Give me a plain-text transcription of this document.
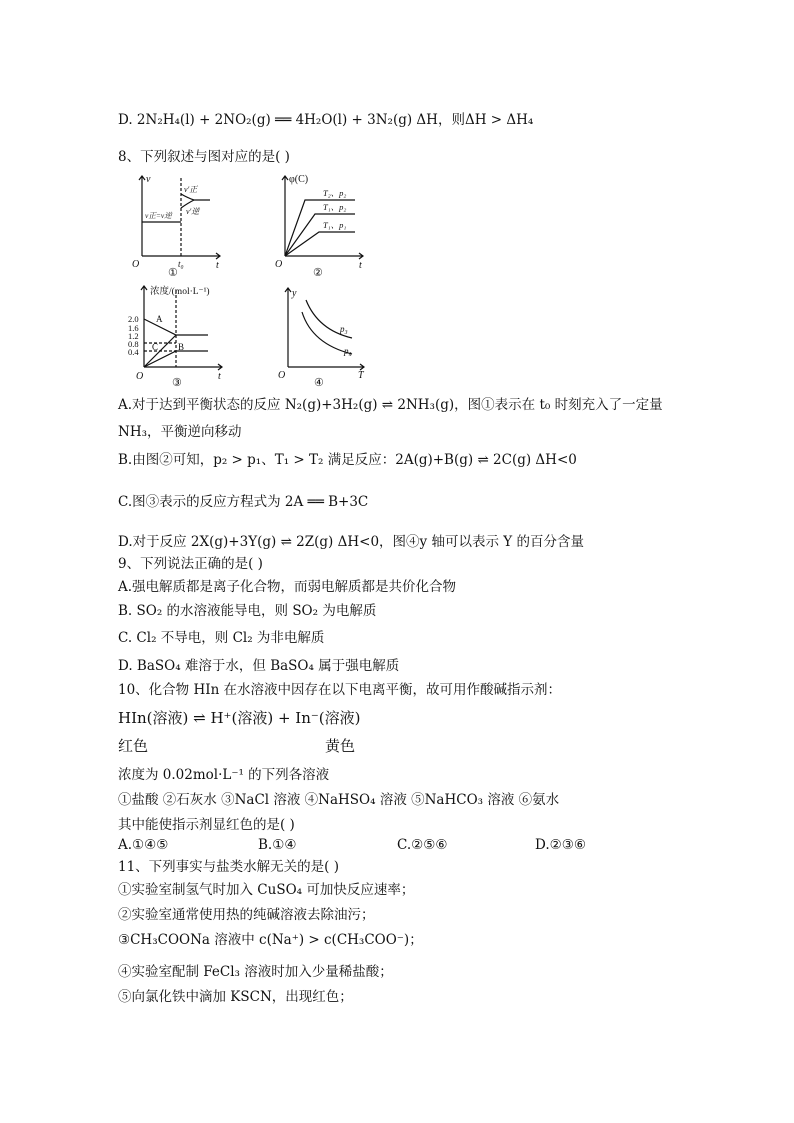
D. 2N₂H₄(l) + 2NO₂(g) ══ 4H₂O(l) + 3N₂(g) ΔH，则ΔH > ΔH₄
8、下列叙述与图对应的是( )
v
t
O	t₀
v′正
v′逆
v正=v逆
①
φ(C)
t
O
T₂、p₂
T₁、p₂
T₁、p₁
②
浓度/(mol·L⁻¹)
t
O
2.0
1.6
1.2
0.8
0.4
A
C B
③
y
T
O
p₃
p₄
④
A.对于达到平衡状态的反应 N₂(g)+3H₂(g) ⇌ 2NH₃(g)，图①表示在 t₀ 时刻充入了一定量
NH₃，平衡逆向移动
B.由图②可知，p₂ > p₁、T₁ > T₂ 满足反应：2A(g)+B(g) ⇌ 2C(g) ΔH<0
C.图③表示的反应方程式为 2A ══ B+3C
D.对于反应 2X(g)+3Y(g) ⇌ 2Z(g) ΔH<0，图④y 轴可以表示 Y 的百分含量
9、下列说法正确的是( )
A.强电解质都是离子化合物，而弱电解质都是共价化合物
B. SO₂ 的水溶液能导电，则 SO₂ 为电解质
C. Cl₂ 不导电，则 Cl₂ 为非电解质
D. BaSO₄ 难溶于水，但 BaSO₄ 属于强电解质
10、化合物 HIn 在水溶液中因存在以下电离平衡，故可用作酸碱指示剂：
HIn(溶液) ⇌ H⁺(溶液) + In⁻(溶液)
红色	黄色
浓度为 0.02mol·L⁻¹ 的下列各溶液
①盐酸 ②石灰水 ③NaCl 溶液 ④NaHSO₄ 溶液 ⑤NaHCO₃ 溶液 ⑥氨水
其中能使指示剂显红色的是( )
A.①④⑤	B.①④	C.②⑤⑥	D.②③⑥
11、下列事实与盐类水解无关的是( )
①实验室制氢气时加入 CuSO₄ 可加快反应速率；
②实验室通常使用热的纯碱溶液去除油污；
③CH₃COONa 溶液中 c(Na⁺) > c(CH₃COO⁻)；
④实验室配制 FeCl₃ 溶液时加入少量稀盐酸；
⑤向氯化铁中滴加 KSCN，出现红色；
